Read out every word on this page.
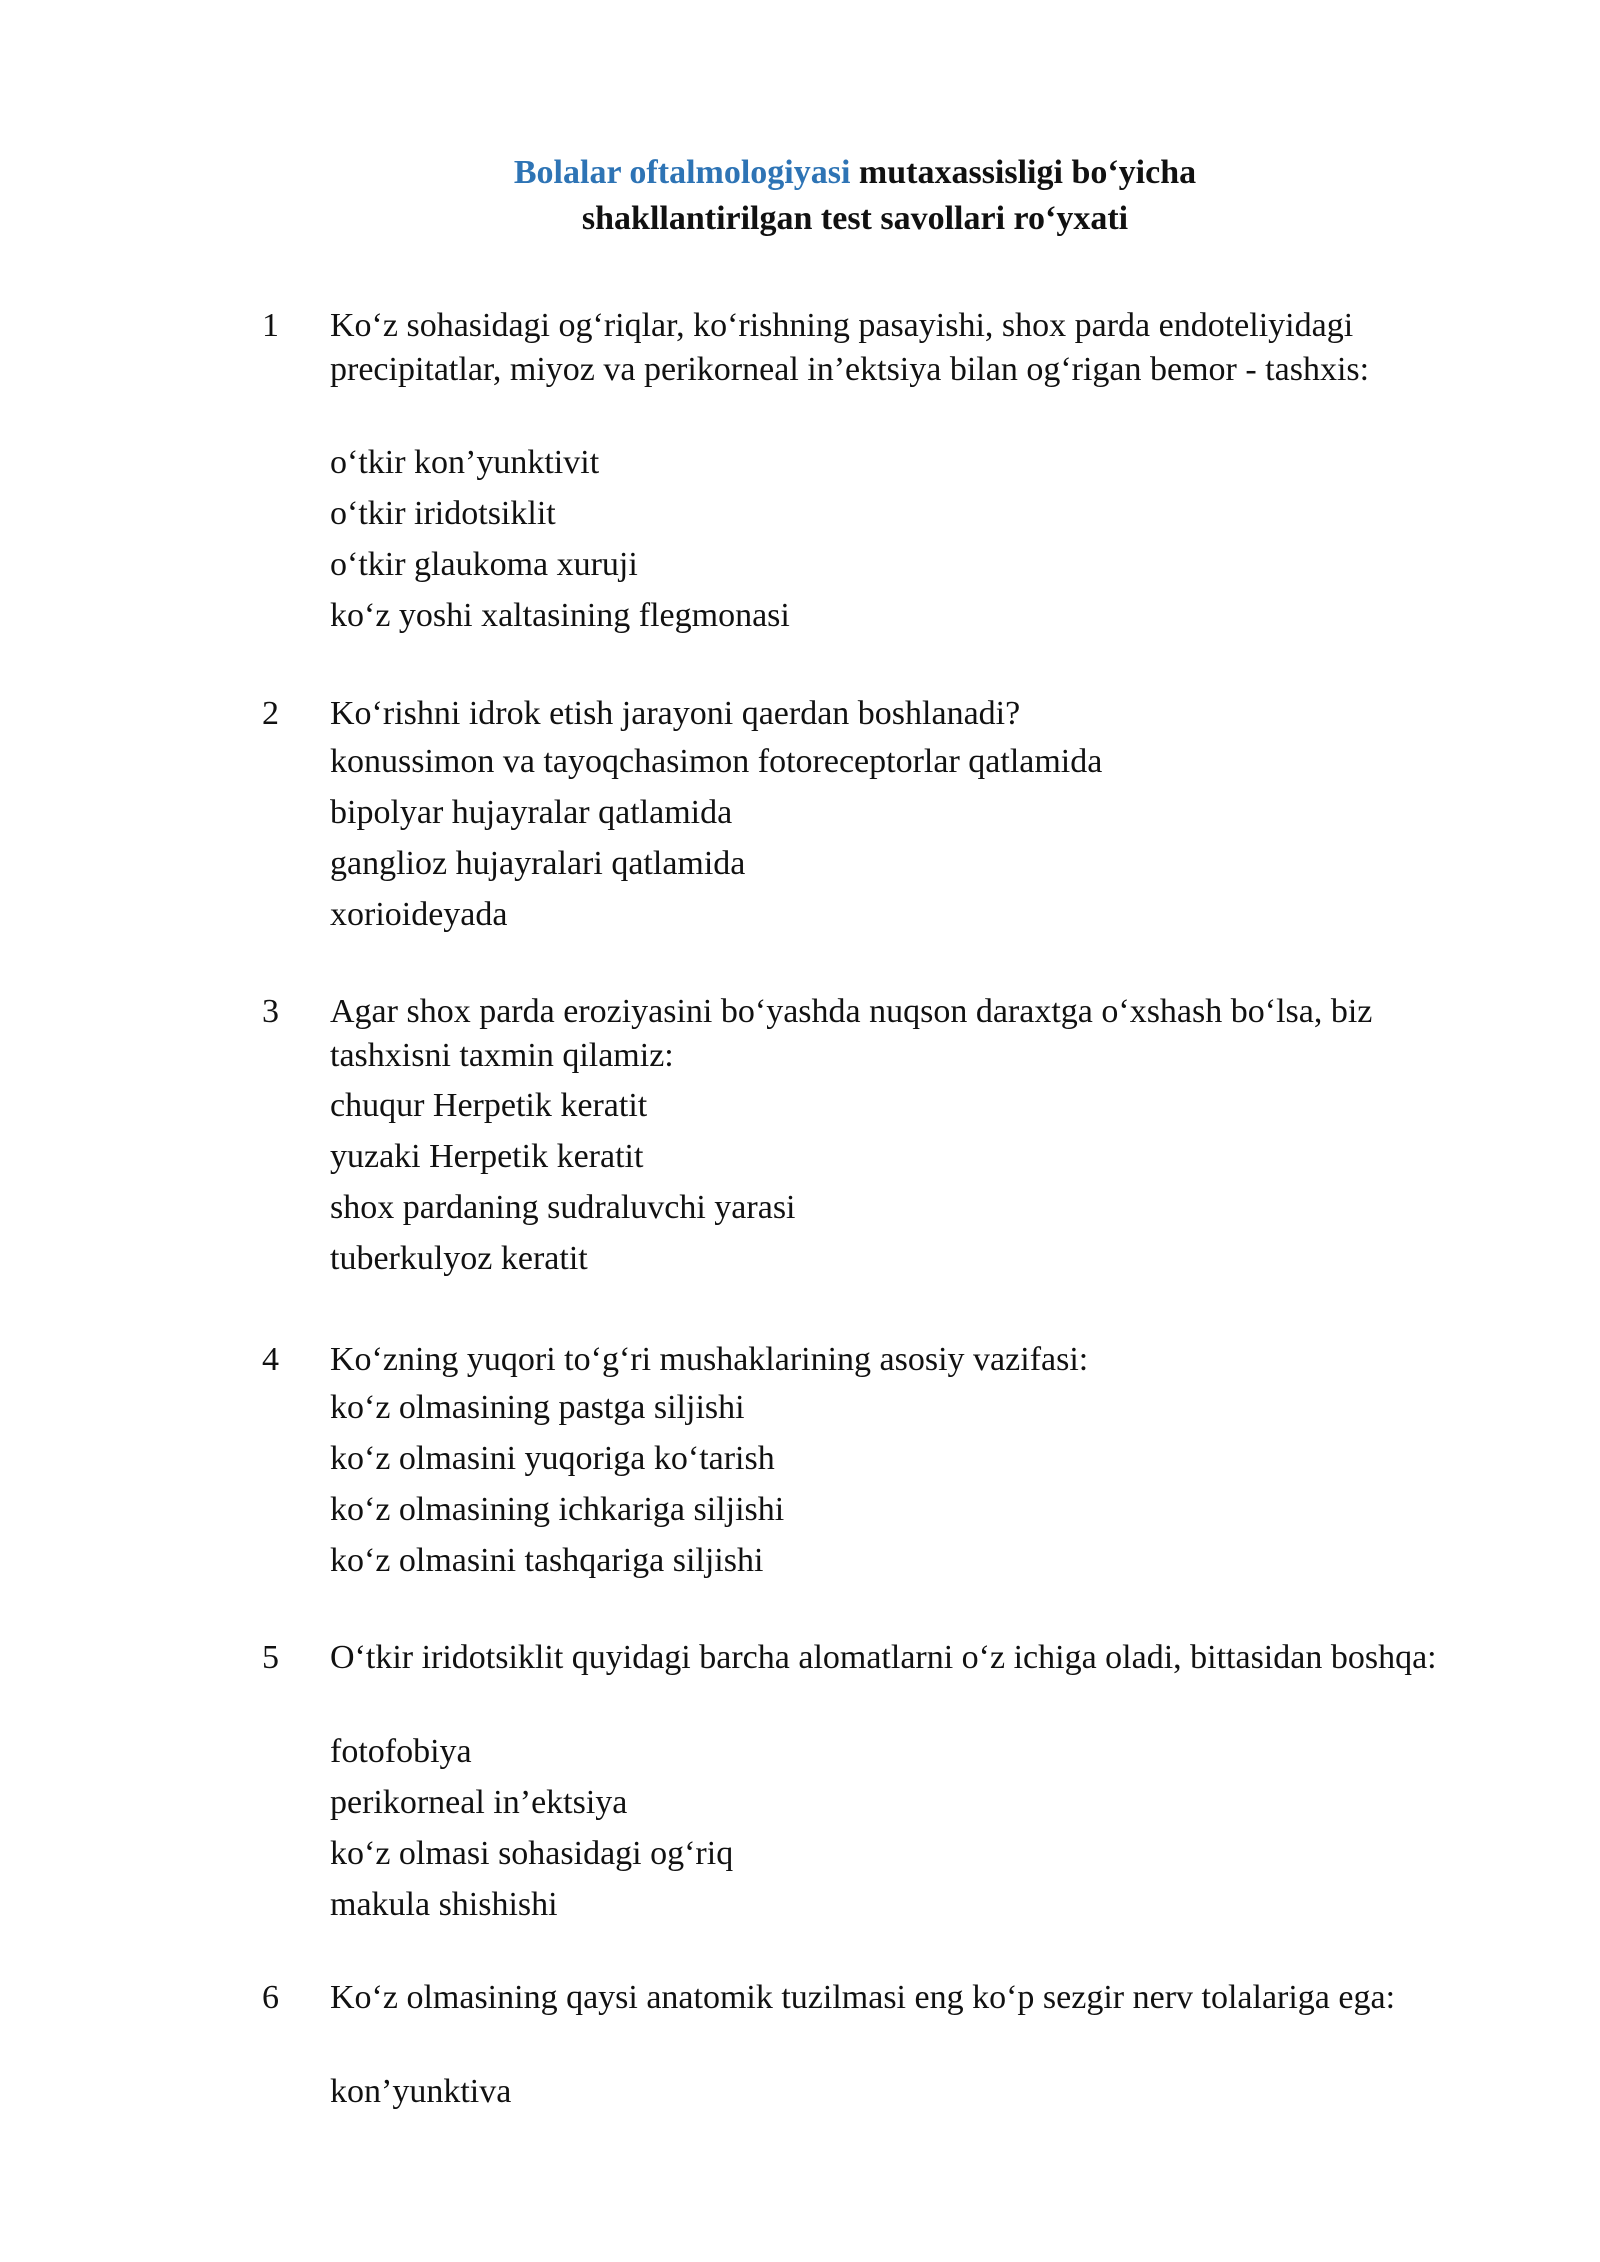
Bolalar oftalmologiyasi mutaxassisligi bo‘yicha
shakllantirilgan test savollari ro‘yxati
1 Ko‘z sohasidagi og‘riqlar, ko‘rishning pasayishi, shox parda endoteliyidagi precipitatlar, miyoz va perikorneal in’ektsiya bilan og‘rigan bemor - tashxis:
o‘tkir kon’yunktivit
o‘tkir iridotsiklit
o‘tkir glaukoma xuruji
ko‘z yoshi xaltasining flegmonasi
2 Ko‘rishni idrok etish jarayoni qaerdan boshlanadi?
konussimon va tayoqchasimon fotoreceptorlar qatlamida
bipolyar hujayralar qatlamida
ganglioz hujayralari qatlamida
xorioideyada
3 Agar shox parda eroziyasini bo‘yashda nuqson daraxtga o‘xshash bo‘lsa, biz tashxisni taxmin qilamiz:
chuqur Herpetik keratit
yuzaki Herpetik keratit
shox pardaning sudraluvchi yarasi
tuberkulyoz keratit
4 Ko‘zning yuqori to‘g‘ri mushaklarining asosiy vazifasi:
ko‘z olmasining pastga siljishi
ko‘z olmasini yuqoriga ko‘tarish
ko‘z olmasining ichkariga siljishi
ko‘z olmasini tashqariga siljishi
5 O‘tkir iridotsiklit quyidagi barcha alomatlarni o‘z ichiga oladi, bittasidan boshqa:
fotofobiya
perikorneal in’ektsiya
ko‘z olmasi sohasidagi og‘riq
makula shishishi
6 Ko‘z olmasining qaysi anatomik tuzilmasi eng ko‘p sezgir nerv tolalariga ega:
kon’yunktiva
